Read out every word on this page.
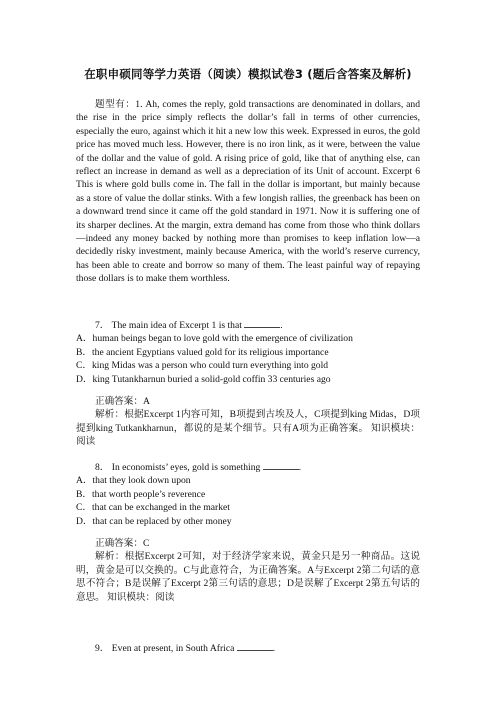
在职申硕同等学力英语（阅读）模拟试卷3 (题后含答案及解析)
题型有：1. Ah, comes the reply, gold transactions are denominated in dollars, and the rise in the price simply reflects the dollar’s fall in terms of other currencies, especially the euro, against which it hit a new low this week. Expressed in euros, the gold price has moved much less. However, there is no iron link, as it were, between the value of the dollar and the value of gold. A rising price of gold, like that of anything else, can reflect an increase in demand as well as a depreciation of its Unit of account. Excerpt 6 This is where gold bulls come in. The fall in the dollar is important, but mainly because as a store of value the dollar stinks. With a few longish rallies, the greenback has been on a downward trend since it came off the gold standard in 1971. Now it is suffering one of its sharper declines. At the margin, extra demand has come from those who think dollars—indeed any money backed by nothing more than promises to keep inflation low—a decidedly risky investment, mainly because America, with the world’s reserve currency, has been able to create and borrow so many of them. The least painful way of repaying those dollars is to make them worthless.
7． The main idea of Excerpt 1 is that	.
A．human beings began to love gold with the emergence of civilization
B．the ancient Egyptians valued gold for its religious importance
C．king Midas was a person who could turn everything into gold
D．king Tutankharnun buried a solid-gold coffin 33 centuries ago
正确答案：A
解析：根据Excerpt 1内容可知，B项提到古埃及人，C项提到king Midas，D项提到king Tutkankharnun，都说的是某个细节。只有A项为正确答案。 知识模块：阅读
8． In economists’ eyes, gold is something	.
A．that they look down upon
B．that worth people’s reverence
C．that can be exchanged in the market
D．that can be replaced by other money
正确答案：C
解析：根据Excerpt 2可知，对于经济学家来说，黄金只是另一种商品。这说明，黄金是可以交换的。C与此意符合，为正确答案。A与Excerpt 2第二句话的意思不符合；B是误解了Excerpt 2第三句话的意思；D是误解了Excerpt 2第五句话的意思。 知识模块：阅读
9． Even at present, in South Africa	.
